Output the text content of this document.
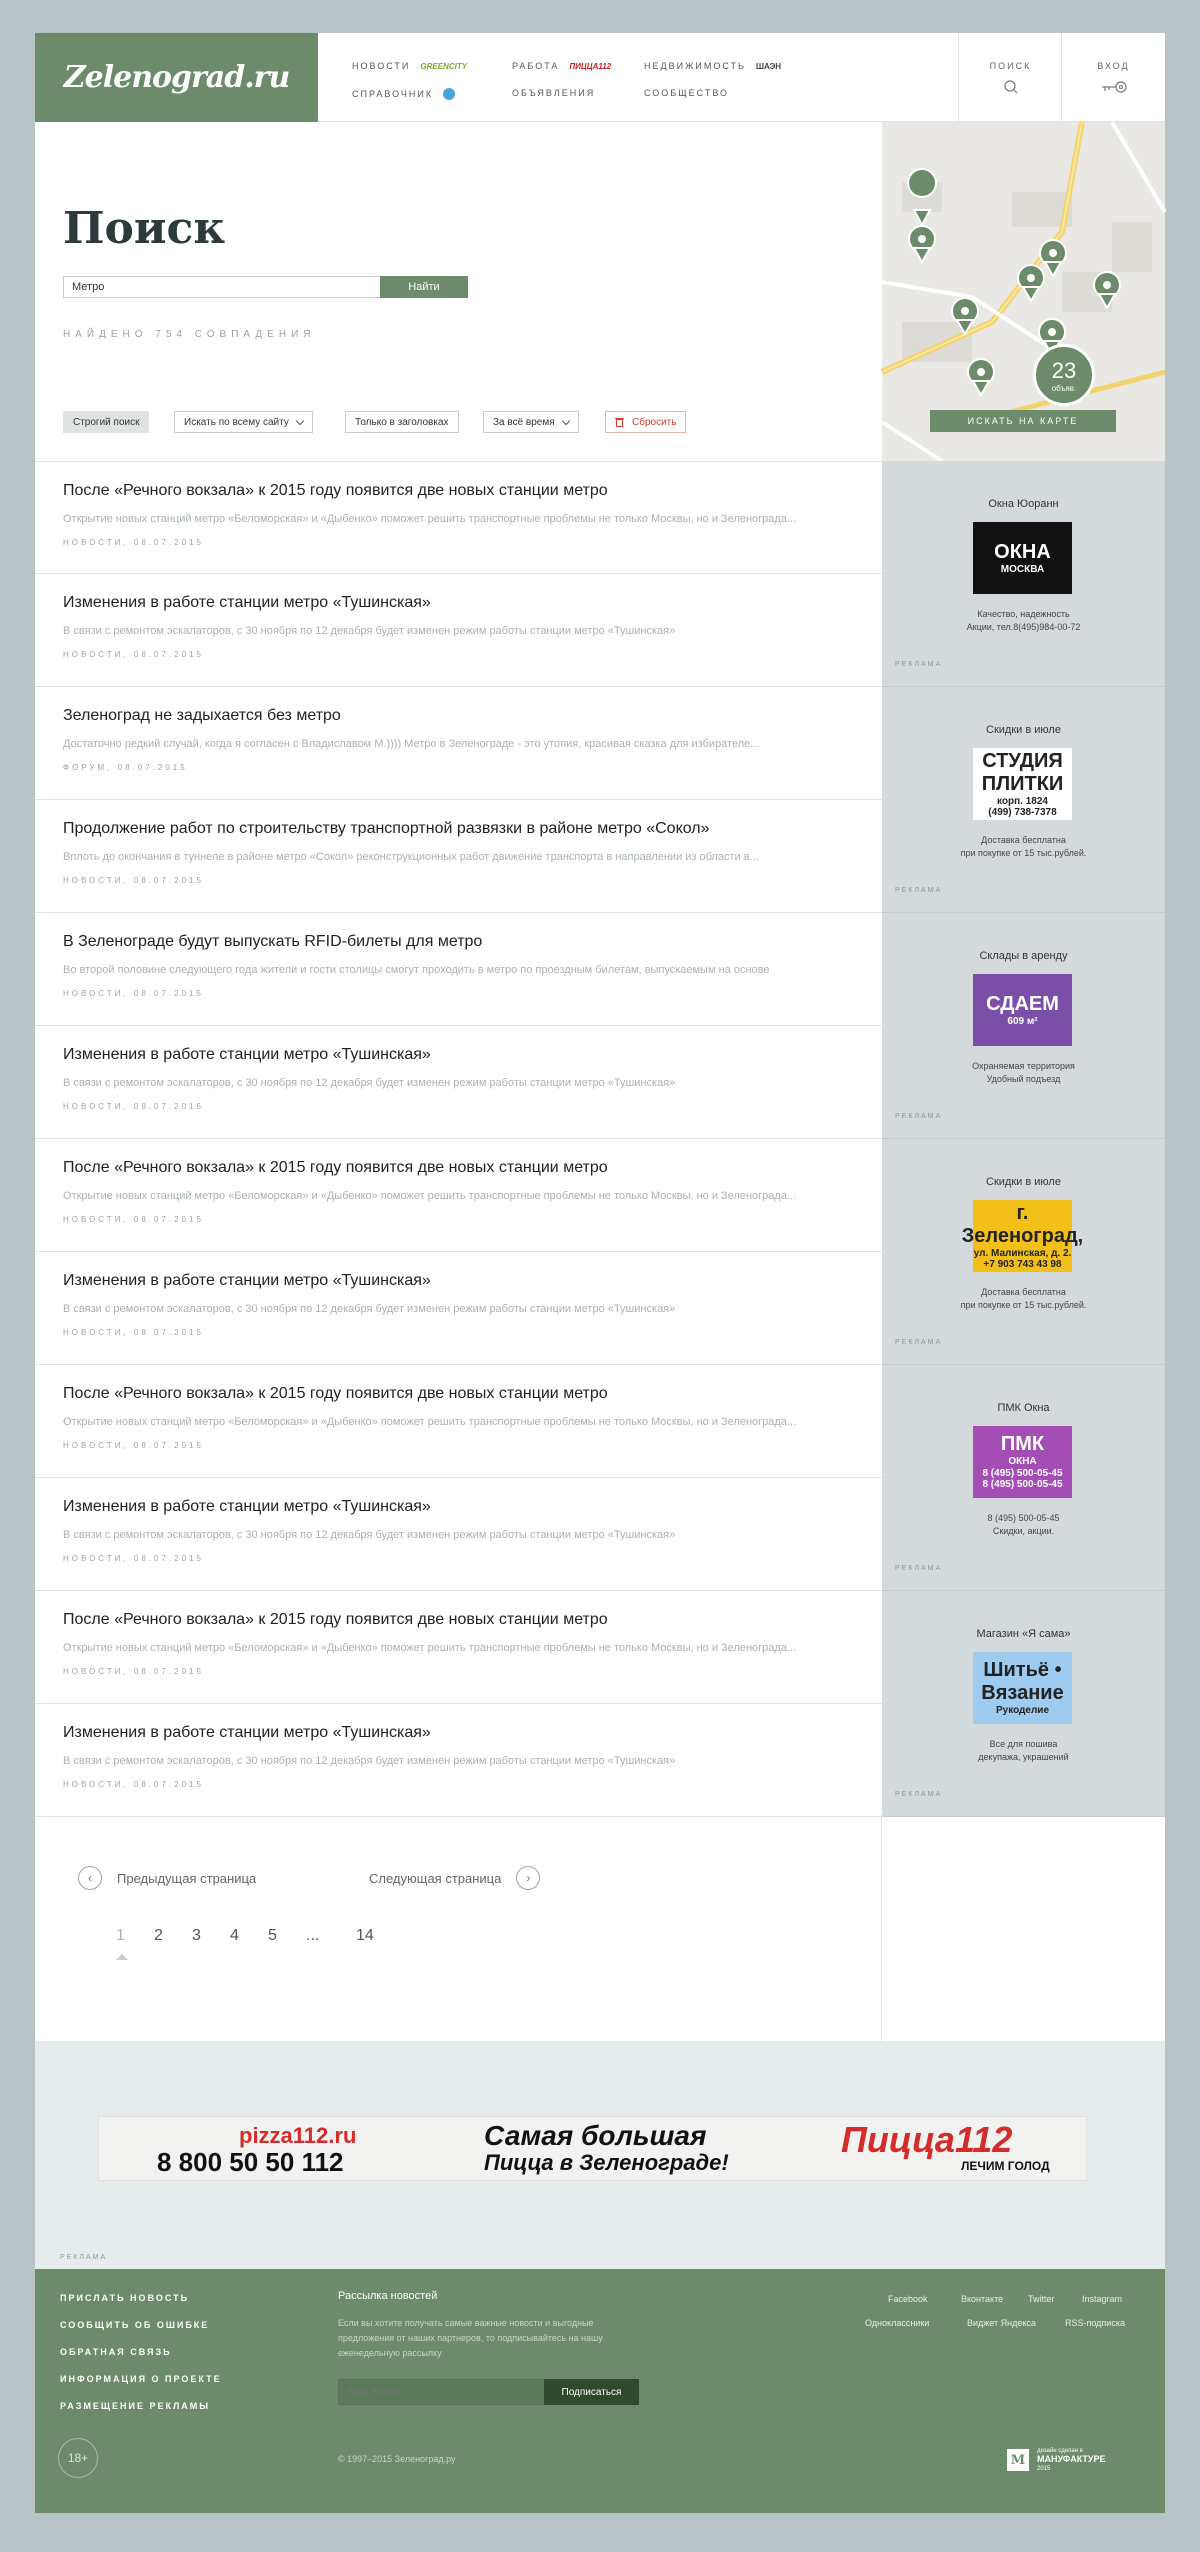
Zelenograd.ru	НОВОСТИ GREENCITY	РАБОТА ПИЦЦА112	НЕДВИЖИМОСТЬ ШАЭН
СПРАВОЧНИК	ОБЪЯВЛЕНИЯ	СООБЩЕСТВО
ПОИСК	ВХОД
Поиск
Метро
Найти
НАЙДЕНО 754 СОВПАДЕНИЯ
Строгий поиск	Искать по всему сайту	Только в заголовках	За всё время	Сбросить
23
объяв.
ИСКАТЬ НА КАРТЕ
После «Речного вокзала» к 2015 году появится две новых станции метро
Открытие новых станций метро «Беломорская» и «Дыбенко» поможет решить транспортные проблемы не только Москвы, но и Зеленограда...
НОВОСТИ, 08.07.2015
Изменения в работе станции метро «Тушинская»
В связи с ремонтом эскалаторов, с 30 ноября по 12 декабря будет изменен режим работы станции метро «Тушинская»
НОВОСТИ, 08.07.2015
Зеленоград не задыхается без метро
Достаточно редкий случай, когда я согласен с Владиславом М.)))) Метро в Зеленограде - это утопия, красивая сказка для избирателе...
ФОРУМ, 08.07.2015
Продолжение работ по строительству транспортной развязки в районе метро «Сокол»
Вплоть до окончания в туннеле в районе метро «Сокол» реконструкционных работ движение транспорта в направлении из области в...
НОВОСТИ, 08.07.2015
В Зеленограде будут выпускать RFID-билеты для метро
Во второй половине следующего года жители и гости столицы смогут проходить в метро по проездным билетам, выпускаемым на основе
НОВОСТИ, 08.07.2015
Изменения в работе станции метро «Тушинская»
В связи с ремонтом эскалаторов, с 30 ноября по 12 декабря будет изменен режим работы станции метро «Тушинская»
НОВОСТИ, 08.07.2015
После «Речного вокзала» к 2015 году появится две новых станции метро
Открытие новых станций метро «Беломорская» и «Дыбенко» поможет решить транспортные проблемы не только Москвы, но и Зеленограда...
НОВОСТИ, 08.07.2015
Изменения в работе станции метро «Тушинская»
В связи с ремонтом эскалаторов, с 30 ноября по 12 декабря будет изменен режим работы станции метро «Тушинская»
НОВОСТИ, 08.07.2015
После «Речного вокзала» к 2015 году появится две новых станции метро
Открытие новых станций метро «Беломорская» и «Дыбенко» поможет решить транспортные проблемы не только Москвы, но и Зеленограда...
НОВОСТИ, 08.07.2015
Изменения в работе станции метро «Тушинская»
В связи с ремонтом эскалаторов, с 30 ноября по 12 декабря будет изменен режим работы станции метро «Тушинская»
НОВОСТИ, 08.07.2015
После «Речного вокзала» к 2015 году появится две новых станции метро
Открытие новых станций метро «Беломорская» и «Дыбенко» поможет решить транспортные проблемы не только Москвы, но и Зеленограда...
НОВОСТИ, 08.07.2015
Изменения в работе станции метро «Тушинская»
В связи с ремонтом эскалаторов, с 30 ноября по 12 декабря будет изменен режим работы станции метро «Тушинская»
НОВОСТИ, 08.07.2015
Окна Юоранн
ОКНА
МОСКВА
Качество, надежность
Акции, тел.8(495)984-00-72
РЕКЛАМА
Скидки в июле
СТУДИЯ ПЛИТКИ
корп. 1824
(499) 738-7378
Доставка бесплатна
при покупке от 15 тыс.рублей.
РЕКЛАМА
Склады в аренду
СДАЕМ
609 м²
Охраняемая территория
Удобный подъезд
РЕКЛАМА
Скидки в июле
г. Зеленоград,
ул. Малинская, д. 2.
+7 903 743 43 98
Доставка бесплатна
при покупке от 15 тыс.рублей.
РЕКЛАМА
ПМК Окна
ПМК
ОКНА
8 (495) 500-05-45
8 (495) 500-05-45
8 (495) 500-05-45
Скидки, акции.
РЕКЛАМА
Магазин «Я сама»
Шитьё • Вязание
Рукоделие
Все для пошива
декупажа, украшений
РЕКЛАМА
‹	Предыдущая страница	Следующая страница	›
1	2	3	4	5	...	14
pizza112.ru
8 800 50 50 112
Самая большая
Пицца в Зеленограде!
Пицца112
ЛЕЧИМ ГОЛОД
РЕКЛАМА
ПРИСЛАТЬ НОВОСТЬ
СООБЩИТЬ ОБ ОШИБКЕ
ОБРАТНАЯ СВЯЗЬ
ИНФОРМАЦИЯ О ПРОЕКТЕ
РАЗМЕЩЕНИЕ РЕКЛАМЫ
Рассылка новостей
Если вы хотите получать самые важные новости и выгодные предложения от наших партнеров, то подписывайтесь на нашу еженедельную рассылку
Ваш e-mail
Подписаться
Facebook	Вконтакте	Twitter	Instagram
Одноклассники	Виджет Яндекса	RSS-подписка
18+	© 1997–2015 Зеленоград.ру	M
дизайн сделан в
МАНУФАКТУРЕ
2015
